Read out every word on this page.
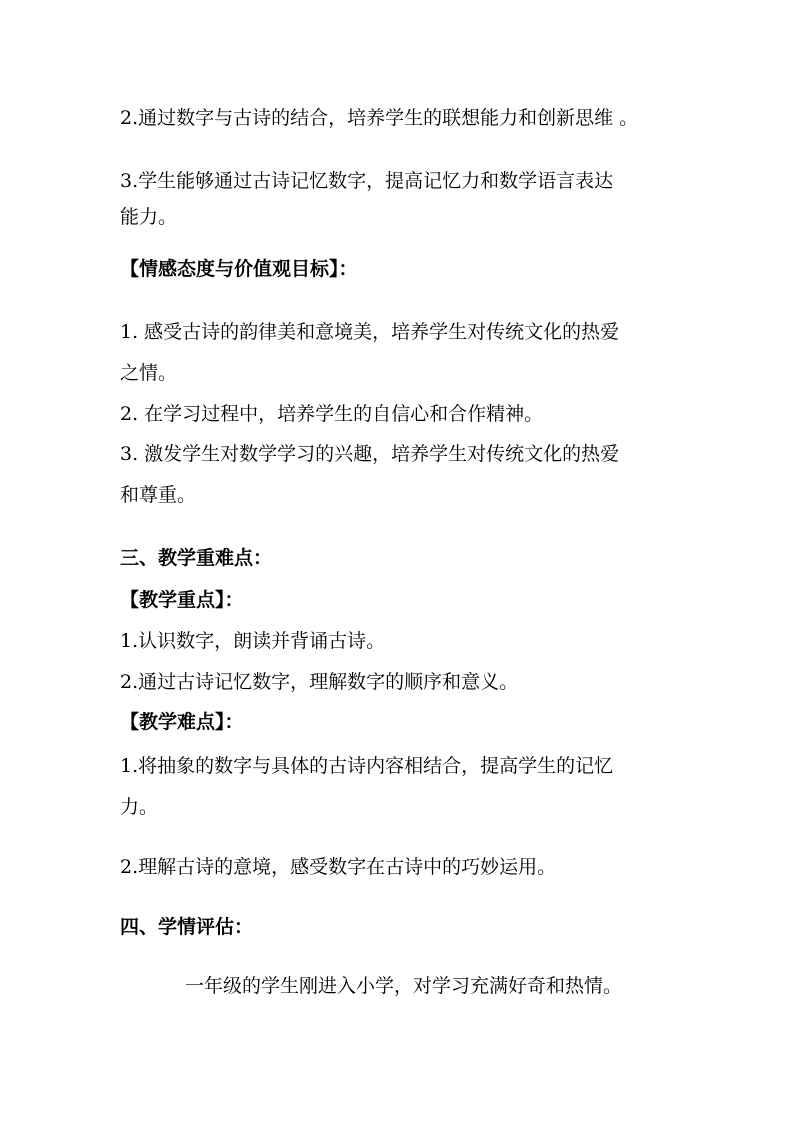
2.通过数字与古诗的结合，培养学生的联想能力和创新思维 。
3.学生能够通过古诗记忆数字，提高记忆力和数学语言表达
能力。
【情感态度与价值观目标】：
1. 感受古诗的韵律美和意境美，培养学生对传统文化的热爱
之情。
2. 在学习过程中，培养学生的自信心和合作精神。
3. 激发学生对数学学习的兴趣，培养学生对传统文化的热爱
和尊重。
三、教学重难点：
【教学重点】：
1.认识数字，朗读并背诵古诗。
2.通过古诗记忆数字，理解数字的顺序和意义。
【教学难点】：
1.将抽象的数字与具体的古诗内容相结合，提高学生的记忆
力。
2.理解古诗的意境，感受数字在古诗中的巧妙运用。
四、学情评估：
一年级的学生刚进入小学，对学习充满好奇和热情。
